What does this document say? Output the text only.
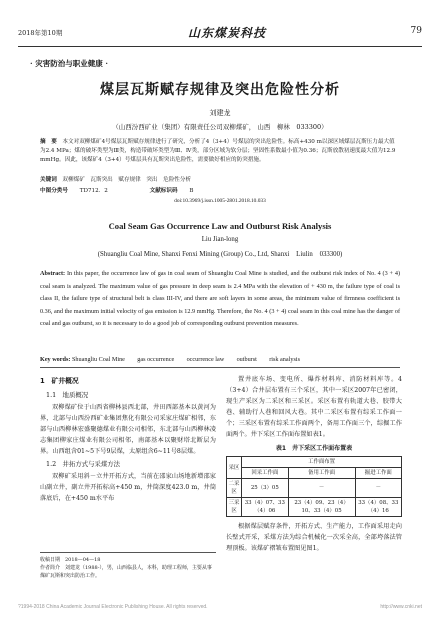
2018年第10期	山东煤炭科技	79
· 灾害防治与职业健康 ·
煤层瓦斯赋存规律及突出危险性分析
刘建龙
（山西汾西矿业（集团）有限责任公司双柳煤矿， 山西　柳林　033300）
摘　要　 本文对双柳煤矿4号煤层瓦斯赋存规律进行了研究，分析了4（3+4）号煤层的突出危险性。标高+430 m以深区域煤层瓦斯压力最大值为2.4 MPa；煤的破坏类型为Ⅲ类，构造带破坏类型为Ⅲ、Ⅳ类，部分区域为软分层；坚固性系数最小值为0.36；瓦斯放散初速度最大值为12.9 mmHg。因此，该煤矿4（3+4）号煤层具有瓦斯突出危险性，需要做好相应的防突措施。
关键词　 双柳煤矿　瓦斯突出　赋存规律　突出　危险性分析
中图分类号 TD712．2	文献标识码 B
doi:10.3969/j.issn.1005-2801.2018.10.033
Coal Seam Gas Occurrence Law and Outburst Risk Analysis
Liu Jian-long
(Shuangliu Coal Mine, Shanxi Fenxi Mining (Group) Co., Ltd, Shanxi　Liulin　033300)
Abstract: In this paper, the occurrence law of gas in coal seam of Shuangliu Coal Mine is studied, and the outburst risk index of No. 4 (3 + 4) coal seam is analyzed. The maximum value of gas pressure in deep seam is 2.4 MPa with the elevation of + 430 m, the failure type of coal is class II, the failure type of structural belt is class III-IV, and there are soft layers in some areas, the minimum value of firmness coefficient is 0.36, and the maximum initial velocity of gas emission is 12.9 mmHg. Therefore, the No. 4 (3 + 4) coal seam in this coal mine has the danger of coal and gas outburst, so it is necessary to do a good job of corresponding outburst prevention measures.
Key words: Shuangliu Coal Mine　　gas occurrence　　occurrence law　　outburst　　risk analysis
1　矿井概况
1.1　地质概况
双柳煤矿位于山西省柳林县西北部，井田西部基本以黄河为界，北部与山西汾西矿业集团焦化有限公司采家庄煤矿相邻，东部与山西柳林宏盛聚德煤业有限公司相邻，东北部与山西柳林凌志集团柳家庄煤业有限公司相邻，南部基本以聚财塔北断层为界。山西组含01~5下号9层煤，太原组含6~11号8层煤。
1.2　井拓方式与采煤方法
双柳矿采用斜－立井开拓方式，当前在邵家山场地新增邵家山副立井，副立井开拓标高+450 m，井筒深度423.0 m，井筒落底后，在+450 m水平布
收稿日期　2018—04—18
作者简介　刘建龙（1988-），男，山西临县人，本科，助理工程师，主要从事煤矿瓦斯和突出防治工作。
置井底车场、变电所、爆炸材料库、消防材料库等。4（3+4）合井层布置有三个采区，其中一采区2007年已密闭，现生产采区为二采区和三采区。采区布置有轨道大巷、胶带大巷、辅助行人巷和回风大巷。其中二采区布置有综采工作面一个；三采区布置有综采工作面两个，备用工作面三个，综掘工作面两个。井下采区工作面布置如表1。
表1　井下采区工作面布置表
采区	工作面布置		
	回采工作面	备用工作面	掘进工作面
二采区	25（3）05	－	－
三采区	33（4）07、33（4）06	23（4）09、23（4）10、33（4）05	33（4）08、33（4）16
根据煤层赋存条件，开拓方式、生产能力，工作面采用走向长壁式开采，采煤方法为综合机械化一次采全高，全部垮落法管理顶板。该煤矿褶皱布置图见图1。
?1994-2018 China Academic Journal Electronic Publishing House. All rights reserved.	http://www.cnki.net
